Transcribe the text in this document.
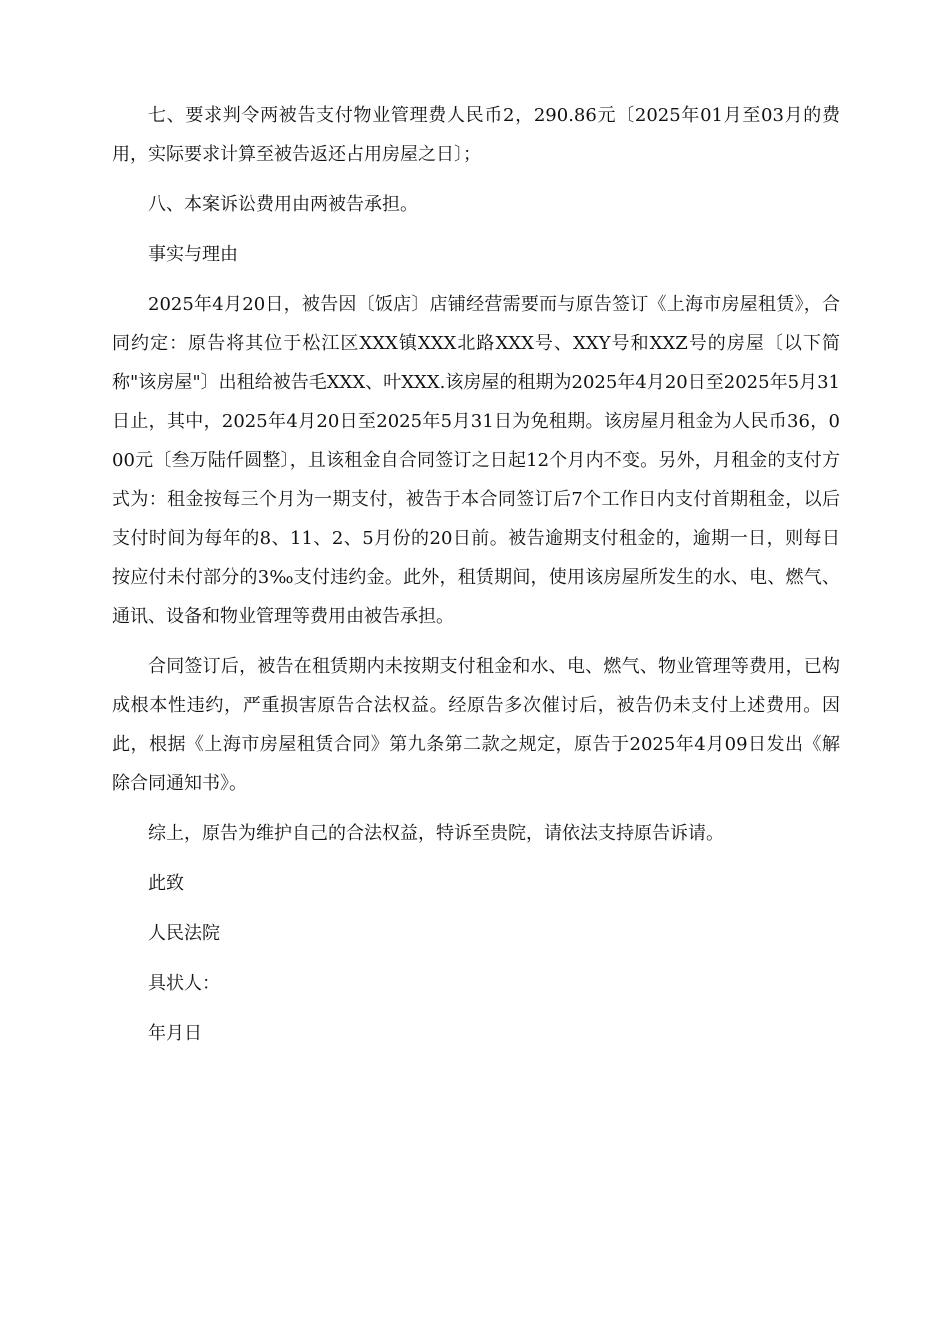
七、要求判令两被告支付物业管理费人民币2，290.86元〔2025年01月至03月的费用，实际要求计算至被告返还占用房屋之日〕；

八、本案诉讼费用由两被告承担。

事实与理由

2025年4月20日，被告因〔饭店〕店铺经营需要而与原告签订《上海市房屋租赁》，合同约定：原告将其位于松江区XXX镇XXX北路XXX号、XXY号和XXZ号的房屋〔以下简称"该房屋"〕出租给被告毛XXX、叶XXX.该房屋的租期为2025年4月20日至2025年5月31日止，其中，2025年4月20日至2025年5月31日为免租期。该房屋月租金为人民币36，000元〔叁万陆仟圆整〕，且该租金自合同签订之日起12个月内不变。另外，月租金的支付方式为：租金按每三个月为一期支付，被告于本合同签订后7个工作日内支付首期租金，以后支付时间为每年的8、11、2、5月份的20日前。被告逾期支付租金的，逾期一日，则每日按应付未付部分的3‰支付违约金。此外，租赁期间，使用该房屋所发生的水、电、燃气、通讯、设备和物业管理等费用由被告承担。

合同签订后，被告在租赁期内未按期支付租金和水、电、燃气、物业管理等费用，已构成根本性违约，严重损害原告合法权益。经原告多次催讨后，被告仍未支付上述费用。因此，根据《上海市房屋租赁合同》第九条第二款之规定，原告于2025年4月09日发出《解除合同通知书》。

综上，原告为维护自己的合法权益，特诉至贵院，请依法支持原告诉请。

此致

人民法院

具状人：

年月日
